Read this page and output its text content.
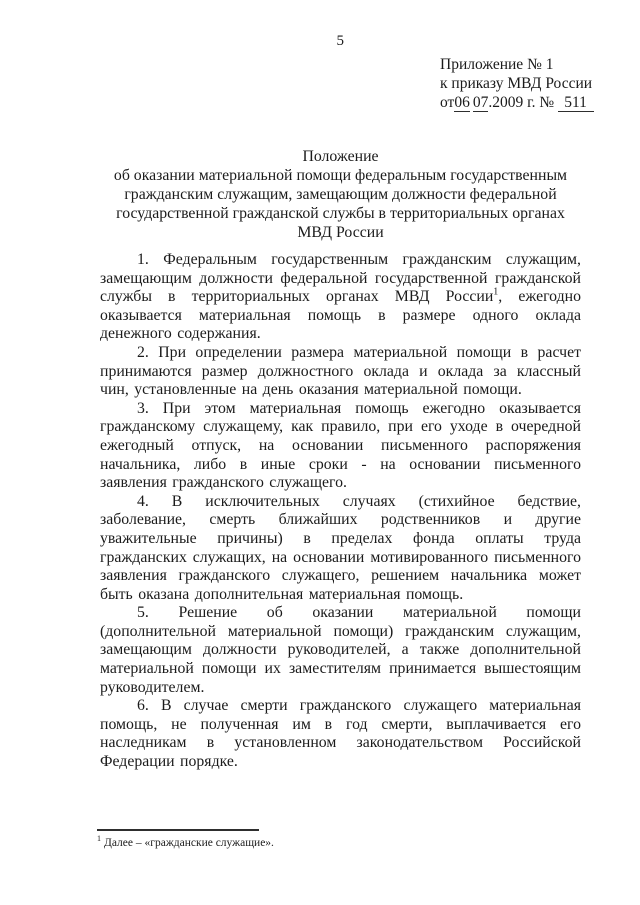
5
Приложение № 1
к приказу МВД России
от06 07.2009 г. № 511
Положение
об оказании материальной помощи федеральным государственным
гражданским служащим, замещающим должности федеральной
государственной гражданской службы в территориальных органах
МВД России

1. Федеральным государственным гражданским служащим, замещающим должности федеральной государственной гражданской службы в территориальных органах МВД России$^1$, ежегодно оказывается материальная помощь в размере одного оклада денежного содержания.

2. При определении размера материальной помощи в расчет принимаются размер должностного оклада и оклада за классный чин, установленные на день оказания материальной помощи.

3. При этом материальная помощь ежегодно оказывается гражданскому служащему, как правило, при его уходе в очередной ежегодный отпуск, на основании письменного распоряжения начальника, либо в иные сроки - на основании письменного заявления гражданского служащего.

4. В исключительных случаях (стихийное бедствие, заболевание, смерть ближайших родственников и другие уважительные причины) в пределах фонда оплаты труда гражданских служащих, на основании мотивированного письменного заявления гражданского служащего, решением начальника может быть оказана дополнительная материальная помощь.

5. Решение об оказании материальной помощи (дополнительной материальной помощи) гражданским служащим, замещающим должности руководителей, а также дополнительной материальной помощи их заместителям принимается вышестоящим руководителем.

6. В случае смерти гражданского служащего материальная помощь, не полученная им в год смерти, выплачивается его наследникам в установленном законодательством Российской Федерации порядке.

$^1$ Далее – «гражданские служащие».
